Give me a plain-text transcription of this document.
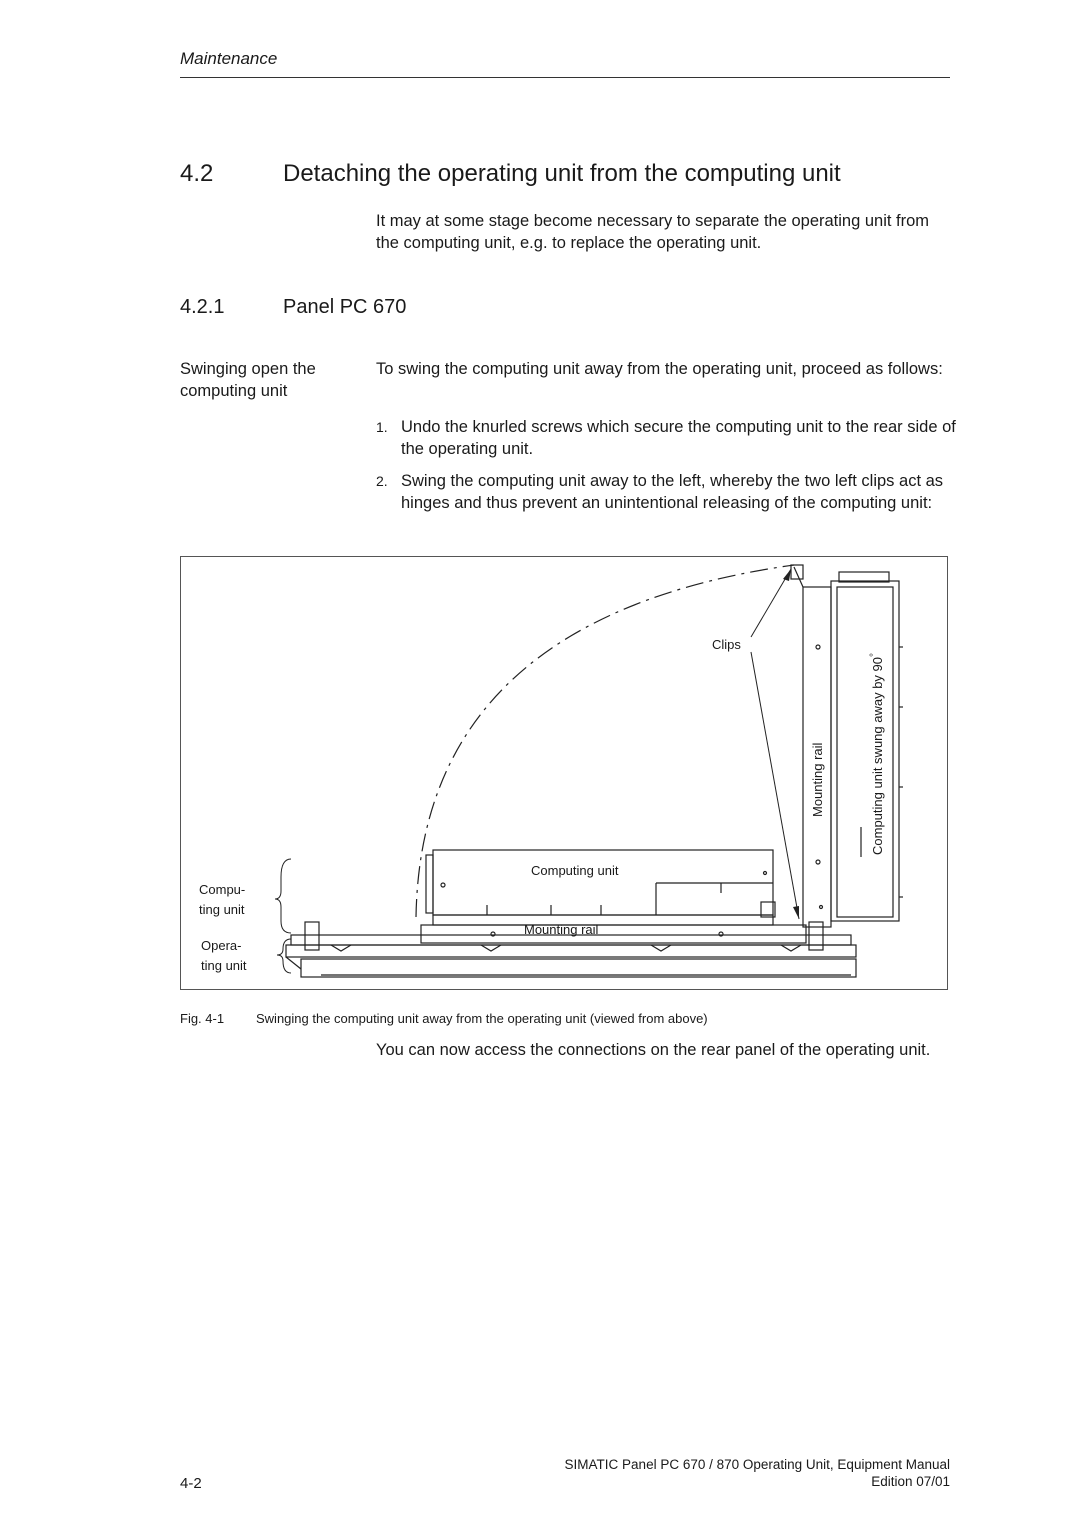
Maintenance
4.2	Detaching the operating unit from the computing unit
It may at some stage become necessary to separate the operating unit from the computing unit, e.g. to replace the operating unit.
4.2.1	Panel PC 670
Swinging open the computing unit
To swing the computing unit away from the operating unit, proceed as follows:
1. Undo the knurled screws which secure the computing unit to the rear side of the operating unit.
2. Swing the computing unit away to the left, whereby the two left clips act as hinges and thus prevent an unintentional releasing of the computing unit:
Clips
Mounting rail	Computing unit swung away by 90°
Computing unit
Mounting rail
Compu-
ting unit
Opera-
ting unit
Fig. 4-1 Swinging the computing unit away from the operating unit (viewed from above)
You can now access the connections on the rear panel of the operating unit.
4-2
SIMATIC Panel PC 670 / 870 Operating Unit, Equipment Manual
Edition 07/01
